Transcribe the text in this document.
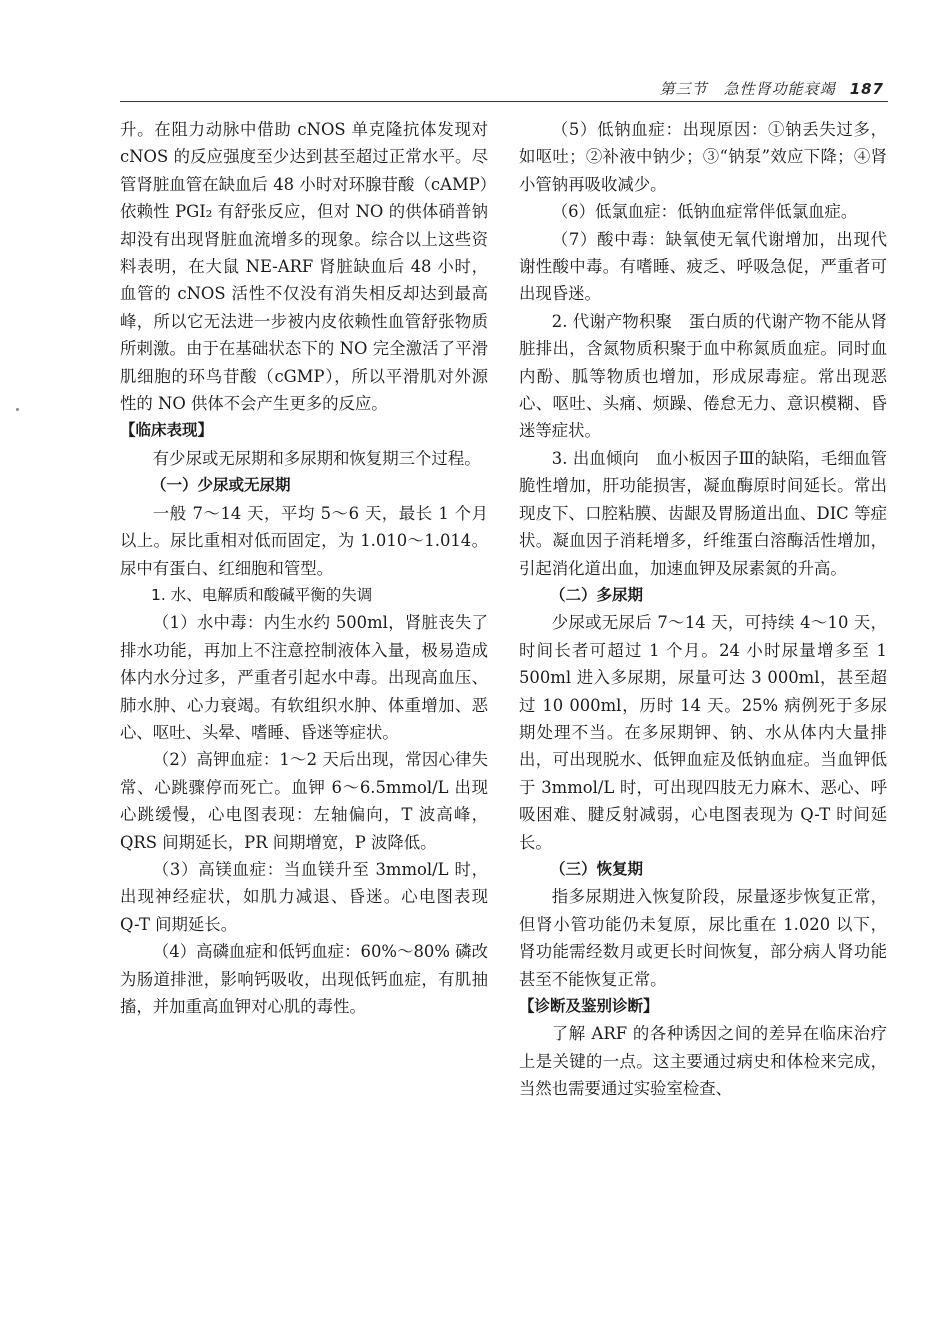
第三节　急性肾功能衰竭 187

升。在阻力动脉中借助 cNOS 单克隆抗体发现对 cNOS 的反应强度至少达到甚至超过正常水平。尽管肾脏血管在缺血后 48 小时对环腺苷酸（cAMP）依赖性 PGI₂ 有舒张反应，但对 NO 的供体硝普钠却没有出现肾脏血流增多的现象。综合以上这些资料表明，在大鼠 NE-ARF 肾脏缺血后 48 小时，血管的 cNOS 活性不仅没有消失相反却达到最高峰，所以它无法进一步被内皮依赖性血管舒张物质所刺激。由于在基础状态下的 NO 完全激活了平滑肌细胞的环鸟苷酸（cGMP），所以平滑肌对外源性的 NO 供体不会产生更多的反应。

【临床表现】

有少尿或无尿期和多尿期和恢复期三个过程。

（一）少尿或无尿期

一般 7～14 天，平均 5～6 天，最长 1 个月以上。尿比重相对低而固定，为 1.010～1.014。尿中有蛋白、红细胞和管型。

1. 水、电解质和酸碱平衡的失调

（1）水中毒：内生水约 500ml，肾脏丧失了排水功能，再加上不注意控制液体入量，极易造成体内水分过多，严重者引起水中毒。出现高血压、肺水肿、心力衰竭。有软组织水肿、体重增加、恶心、呕吐、头晕、嗜睡、昏迷等症状。

（2）高钾血症：1～2 天后出现，常因心律失常、心跳骤停而死亡。血钾 6～6.5mmol/L 出现心跳缓慢，心电图表现：左轴偏向，T 波高峰，QRS 间期延长，PR 间期增宽，P 波降低。

（3）高镁血症：当血镁升至 3mmol/L 时，出现神经症状，如肌力减退、昏迷。心电图表现 Q-T 间期延长。

（4）高磷血症和低钙血症：60%～80% 磷改为肠道排泄，影响钙吸收，出现低钙血症，有肌抽搐，并加重高血钾对心肌的毒性。

（5）低钠血症：出现原因：①钠丢失过多，如呕吐；②补液中钠少；③“钠泵”效应下降；④肾小管钠再吸收减少。

（6）低氯血症：低钠血症常伴低氯血症。

（7）酸中毒：缺氧使无氧代谢增加，出现代谢性酸中毒。有嗜睡、疲乏、呼吸急促，严重者可出现昏迷。

2. 代谢产物积聚　蛋白质的代谢产物不能从肾脏排出，含氮物质积聚于血中称氮质血症。同时血内酚、胍等物质也增加，形成尿毒症。常出现恶心、呕吐、头痛、烦躁、倦怠无力、意识模糊、昏迷等症状。

3. 出血倾向　血小板因子Ⅲ的缺陷，毛细血管脆性增加，肝功能损害，凝血酶原时间延长。常出现皮下、口腔粘膜、齿龈及胃肠道出血、DIC 等症状。凝血因子消耗增多，纤维蛋白溶酶活性增加，引起消化道出血，加速血钾及尿素氮的升高。

（二）多尿期

少尿或无尿后 7～14 天，可持续 4～10 天，时间长者可超过 1 个月。24 小时尿量增多至 1 500ml 进入多尿期，尿量可达 3 000ml，甚至超过 10 000ml，历时 14 天。25% 病例死于多尿期处理不当。在多尿期钾、钠、水从体内大量排出，可出现脱水、低钾血症及低钠血症。当血钾低于 3mmol/L 时，可出现四肢无力麻木、恶心、呼吸困难、腱反射减弱，心电图表现为 Q-T 时间延长。

（三）恢复期

指多尿期进入恢复阶段，尿量逐步恢复正常，但肾小管功能仍未复原，尿比重在 1.020 以下，肾功能需经数月或更长时间恢复，部分病人肾功能甚至不能恢复正常。

【诊断及鉴别诊断】

了解 ARF 的各种诱因之间的差异在临床治疗上是关键的一点。这主要通过病史和体检来完成，当然也需要通过实验室检查、
